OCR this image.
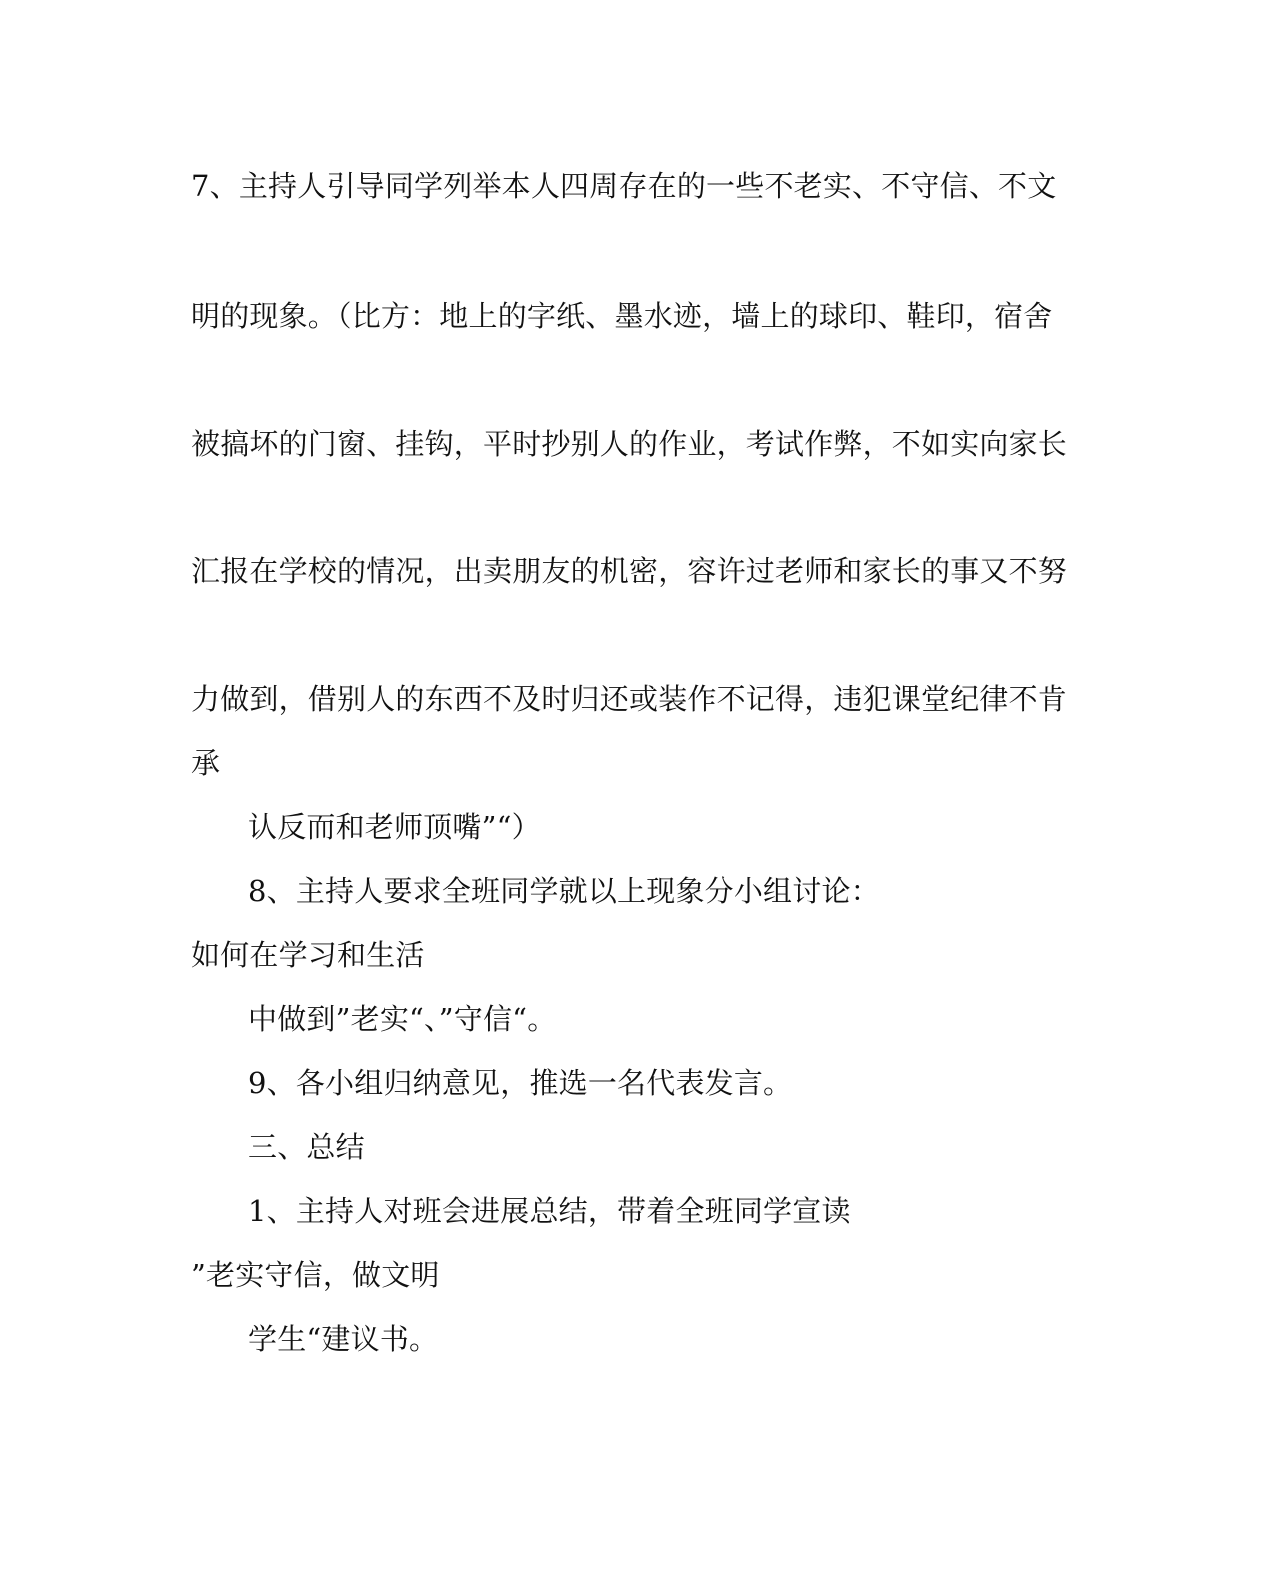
7、主持人引导同学列举本人四周存在的一些不老实、不守信、不文
明的现象。（比方：地上的字纸、墨水迹，墙上的球印、鞋印，宿舍
被搞坏的门窗、挂钩，平时抄别人的作业，考试作弊，不如实向家长
汇报在学校的情况，出卖朋友的机密，容许过老师和家长的事又不努
力做到，借别人的东西不及时归还或装作不记得，违犯课堂纪律不肯
承
认反而和老师顶嘴”“）
8、主持人要求全班同学就以上现象分小组讨论：
如何在学习和生活
中做到”老实“、”守信“。
9、各小组归纳意见，推选一名代表发言。
三、总结
1、主持人对班会进展总结，带着全班同学宣读
”老实守信，做文明
学生“建议书。
